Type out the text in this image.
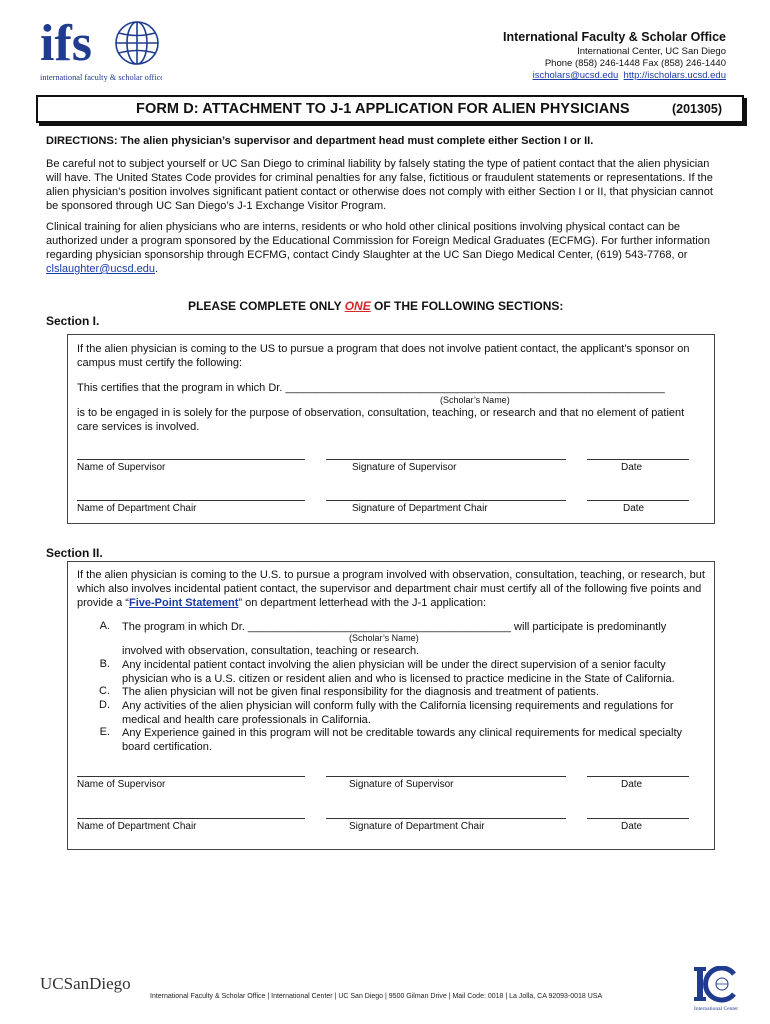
ifs
international faculty & scholar office
International Faculty & Scholar Office
International Center, UC San Diego
Phone (858) 246-1448 Fax (858) 246-1440
ischolars@ucsd.edu http://ischolars.ucsd.edu
FORM D: ATTACHMENT TO J-1 APPLICATION FOR ALIEN PHYSICIANS	(201305)
DIRECTIONS: The alien physician’s supervisor and department head must complete either Section I or II.
Be careful not to subject yourself or UC San Diego to criminal liability by falsely stating the type of patient contact that the alien physician will have. The United States Code provides for criminal penalties for any false, fictitious or fraudulent statements or representations. If the alien physician’s position involves significant patient contact or otherwise does not comply with either Section I or II, that physician cannot be sponsored through UC San Diego’s J-1 Exchange Visitor Program.
Clinical training for alien physicians who are interns, residents or who hold other clinical positions involving physical contact can be authorized under a program sponsored by the Educational Commission for Foreign Medical Graduates (ECFMG). For further information regarding physician sponsorship through ECFMG, contact Cindy Slaughter at the UC San Diego Medical Center, (619) 543-7768, or clslaughter@ucsd.edu.
PLEASE COMPLETE ONLY ONE OF THE FOLLOWING SECTIONS:
Section I.
If the alien physician is coming to the US to pursue a program that does not involve patient contact, the applicant’s sponsor on campus must certify the following:
This certifies that the program in which Dr. ______________________________________________________________
(Scholar’s Name)
is to be engaged in is solely for the purpose of observation, consultation, teaching, or research and that no element of patient care services is involved.
Name of Supervisor	Signature of Supervisor	Date
Name of Department Chair	Signature of Department Chair	Date
Section II.
If the alien physician is coming to the U.S. to pursue a program involved with observation, consultation, teaching, or research, but which also involves incidental patient contact, the supervisor and department chair must certify all of the following five points and provide a “Five-Point Statement” on department letterhead with the J-1 application:
A. The program in which Dr. ___________________________________________ will participate is predominantly
(Scholar’s Name)
involved with observation, consultation, teaching or research.
B. Any incidental patient contact involving the alien physician will be under the direct supervision of a senior faculty physician who is a U.S. citizen or resident alien and who is licensed to practice medicine in the State of California.
C. The alien physician will not be given final responsibility for the diagnosis and treatment of patients.
D. Any activities of the alien physician will conform fully with the California licensing requirements and regulations for medical and health care professionals in California.
E. Any Experience gained in this program will not be creditable towards any clinical requirements for medical specialty board certification.
Name of Supervisor	Signature of Supervisor	Date
Name of Department Chair	Signature of Department Chair	Date
UCSanDiego
International Faculty & Scholar Office | International Center | UC San Diego | 9500 Gilman Drive | Mail Code: 0018 | La Jolla, CA 92093-0018 USA
International Center
